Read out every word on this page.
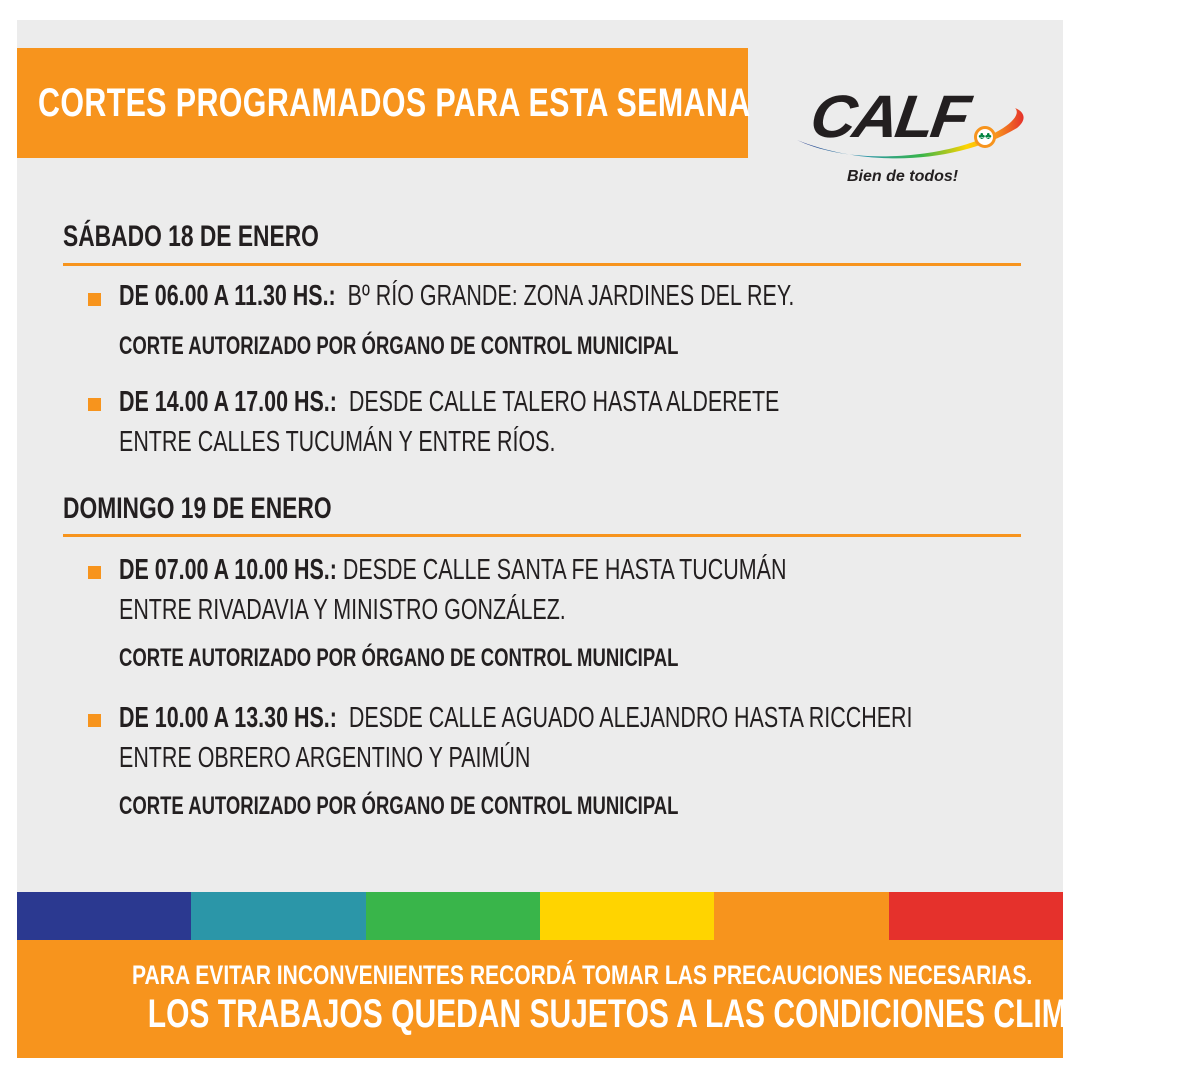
CORTES PROGRAMADOS PARA ESTA SEMANA CALF ♣♣
Bien de todos!
SÁBADO 18 DE ENERO
DE 06.00 A 11.30 HS.: Bº RÍO GRANDE: ZONA JARDINES DEL REY.
CORTE AUTORIZADO POR ÓRGANO DE CONTROL MUNICIPAL
DE 14.00 A 17.00 HS.: DESDE CALLE TALERO HASTA ALDERETE
ENTRE CALLES TUCUMÁN Y ENTRE RÍOS.
DOMINGO 19 DE ENERO
DE 07.00 A 10.00 HS.: DESDE CALLE SANTA FE HASTA TUCUMÁN
ENTRE RIVADAVIA Y MINISTRO GONZÁLEZ.
CORTE AUTORIZADO POR ÓRGANO DE CONTROL MUNICIPAL
DE 10.00 A 13.30 HS.: DESDE CALLE AGUADO ALEJANDRO HASTA RICCHERI
ENTRE OBRERO ARGENTINO Y PAIMÚN
CORTE AUTORIZADO POR ÓRGANO DE CONTROL MUNICIPAL
PARA EVITAR INCONVENIENTES RECORDÁ TOMAR LAS PRECAUCIONES NECESARIAS.
LOS TRABAJOS QUEDAN SUJETOS A LAS CONDICIONES CLIMÁTICAS.
